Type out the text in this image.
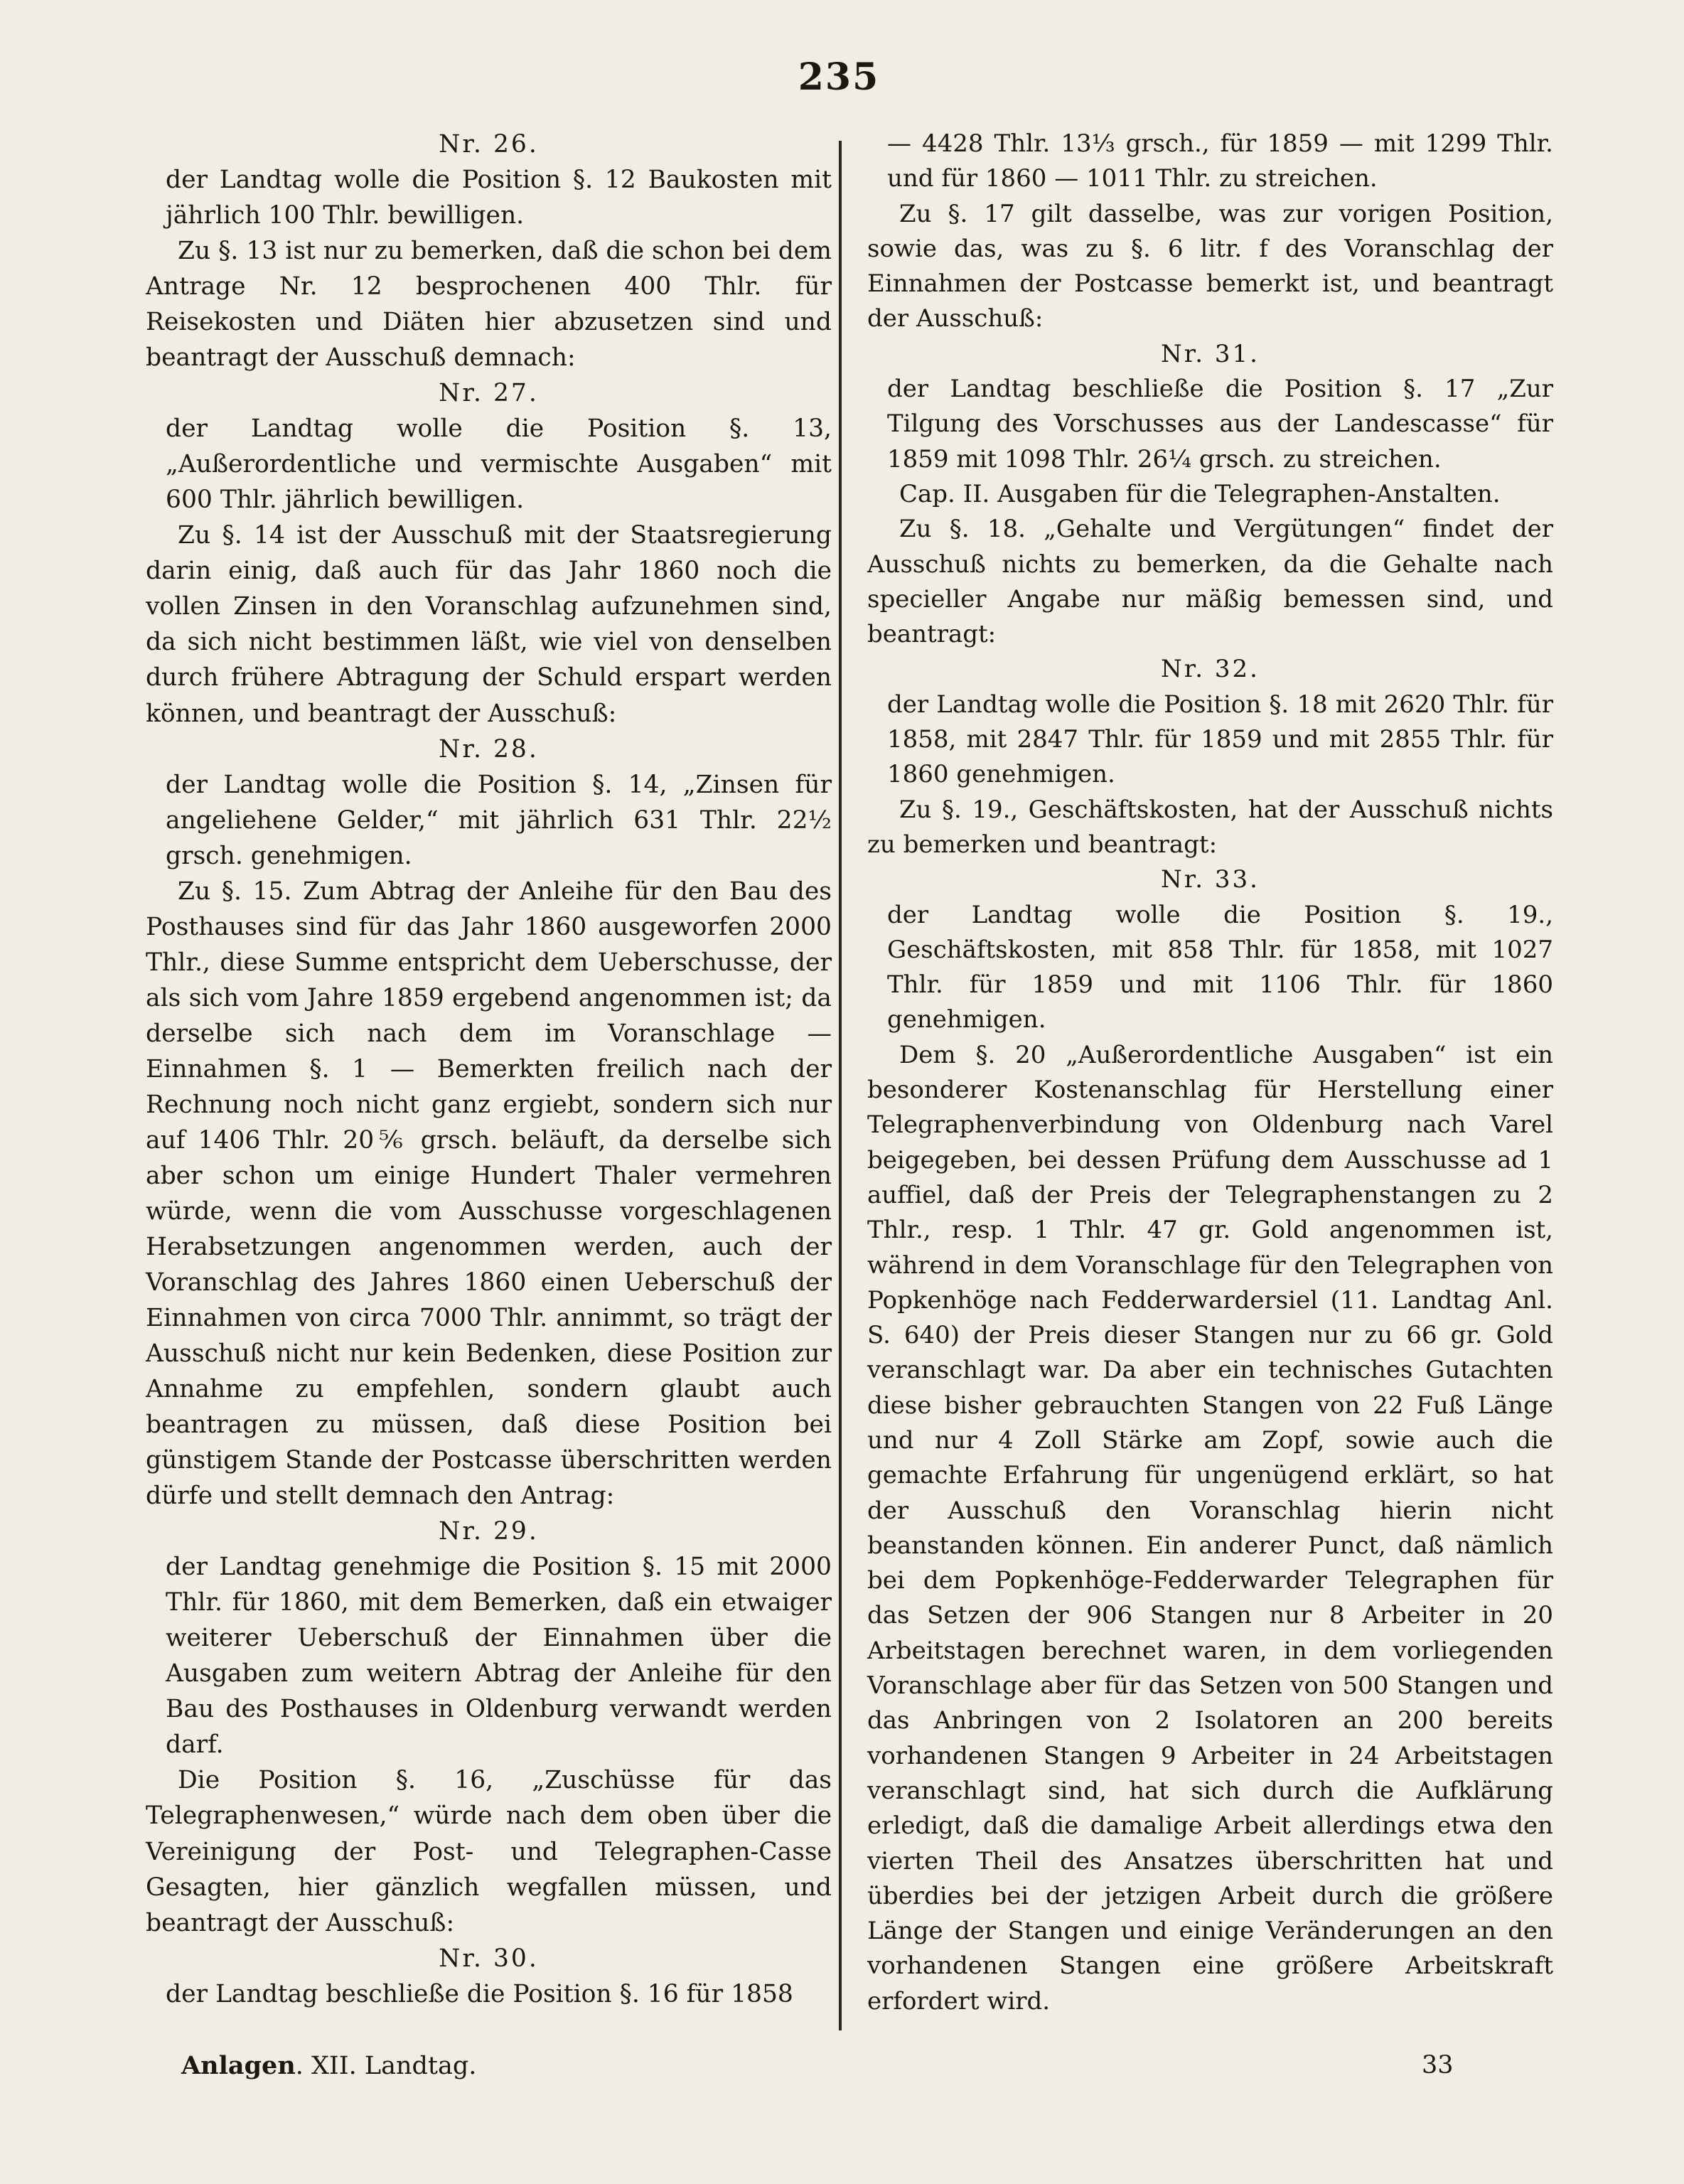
235
Nr. 26.

der Landtag wolle die Position §. 12 Baukosten mit jährlich 100 Thlr. bewilligen.

Zu §. 13 ist nur zu bemerken, daß die schon bei dem Antrage Nr. 12 besprochenen 400 Thlr. für Reisekosten und Diäten hier abzusetzen sind und beantragt der Ausschuß demnach:

Nr. 27.

der Landtag wolle die Position §. 13, „Außerordentliche und vermischte Ausgaben“ mit 600 Thlr. jährlich bewilligen.

Zu §. 14 ist der Ausschuß mit der Staatsregierung darin einig, daß auch für das Jahr 1860 noch die vollen Zinsen in den Voranschlag aufzunehmen sind, da sich nicht bestimmen läßt, wie viel von denselben durch frühere Abtragung der Schuld erspart werden können, und beantragt der Ausschuß:

Nr. 28.

der Landtag wolle die Position §. 14, „Zinsen für angeliehene Gelder,“ mit jährlich 631 Thlr. 22½ grsch. genehmigen.

Zu §. 15. Zum Abtrag der Anleihe für den Bau des Posthauses sind für das Jahr 1860 ausgeworfen 2000 Thlr., diese Summe entspricht dem Ueberschusse, der als sich vom Jahre 1859 ergebend angenommen ist; da derselbe sich nach dem im Voranschlage — Einnahmen §. 1 — Bemerkten freilich nach der Rechnung noch nicht ganz ergiebt, sondern sich nur auf 1406 Thlr. 20⅚ grsch. beläuft, da derselbe sich aber schon um einige Hundert Thaler vermehren würde, wenn die vom Ausschusse vorgeschlagenen Herabsetzungen angenommen werden, auch der Voranschlag des Jahres 1860 einen Ueberschuß der Einnahmen von circa 7000 Thlr. annimmt, so trägt der Ausschuß nicht nur kein Bedenken, diese Position zur Annahme zu empfehlen, sondern glaubt auch beantragen zu müssen, daß diese Position bei günstigem Stande der Postcasse überschritten werden dürfe und stellt demnach den Antrag:

Nr. 29.

der Landtag genehmige die Position §. 15 mit 2000 Thlr. für 1860, mit dem Bemerken, daß ein etwaiger weiterer Ueberschuß der Einnahmen über die Ausgaben zum weitern Abtrag der Anleihe für den Bau des Posthauses in Oldenburg verwandt werden darf.

Die Position §. 16, „Zuschüsse für das Telegraphenwesen,“ würde nach dem oben über die Vereinigung der Post- und Telegraphen-Casse Gesagten, hier gänzlich wegfallen müssen, und beantragt der Ausschuß:

Nr. 30.

der Landtag beschließe die Position §. 16 für 1858

— 4428 Thlr. 13⅓ grsch., für 1859 — mit 1299 Thlr. und für 1860 — 1011 Thlr. zu streichen.

Zu §. 17 gilt dasselbe, was zur vorigen Position, sowie das, was zu §. 6 litr. f des Voranschlag der Einnahmen der Postcasse bemerkt ist, und beantragt der Ausschuß:

Nr. 31.

der Landtag beschließe die Position §. 17 „Zur Tilgung des Vorschusses aus der Landescasse“ für 1859 mit 1098 Thlr. 26¼ grsch. zu streichen.

Cap. II. Ausgaben für die Telegraphen-Anstalten.

Zu §. 18. „Gehalte und Vergütungen“ findet der Ausschuß nichts zu bemerken, da die Gehalte nach specieller Angabe nur mäßig bemessen sind, und beantragt:

Nr. 32.

der Landtag wolle die Position §. 18 mit 2620 Thlr. für 1858, mit 2847 Thlr. für 1859 und mit 2855 Thlr. für 1860 genehmigen.

Zu §. 19., Geschäftskosten, hat der Ausschuß nichts zu bemerken und beantragt:

Nr. 33.

der Landtag wolle die Position §. 19., Geschäftskosten, mit 858 Thlr. für 1858, mit 1027 Thlr. für 1859 und mit 1106 Thlr. für 1860 genehmigen.

Dem §. 20 „Außerordentliche Ausgaben“ ist ein besonderer Kostenanschlag für Herstellung einer Telegraphenverbindung von Oldenburg nach Varel beigegeben, bei dessen Prüfung dem Ausschusse ad 1 auffiel, daß der Preis der Telegraphenstangen zu 2 Thlr., resp. 1 Thlr. 47 gr. Gold angenommen ist, während in dem Voranschlage für den Telegraphen von Popkenhöge nach Fedderwardersiel (11. Landtag Anl. S. 640) der Preis dieser Stangen nur zu 66 gr. Gold veranschlagt war. Da aber ein technisches Gutachten diese bisher gebrauchten Stangen von 22 Fuß Länge und nur 4 Zoll Stärke am Zopf, sowie auch die gemachte Erfahrung für ungenügend erklärt, so hat der Ausschuß den Voranschlag hierin nicht beanstanden können. Ein anderer Punct, daß nämlich bei dem Popkenhöge-Fedderwarder Telegraphen für das Setzen der 906 Stangen nur 8 Arbeiter in 20 Arbeitstagen berechnet waren, in dem vorliegenden Voranschlage aber für das Setzen von 500 Stangen und das Anbringen von 2 Isolatoren an 200 bereits vorhandenen Stangen 9 Arbeiter in 24 Arbeitstagen veranschlagt sind, hat sich durch die Aufklärung erledigt, daß die damalige Arbeit allerdings etwa den vierten Theil des Ansatzes überschritten hat und überdies bei der jetzigen Arbeit durch die größere Länge der Stangen und einige Veränderungen an den vorhandenen Stangen eine größere Arbeitskraft erfordert wird.

Anlagen. XII. Landtag.	33
